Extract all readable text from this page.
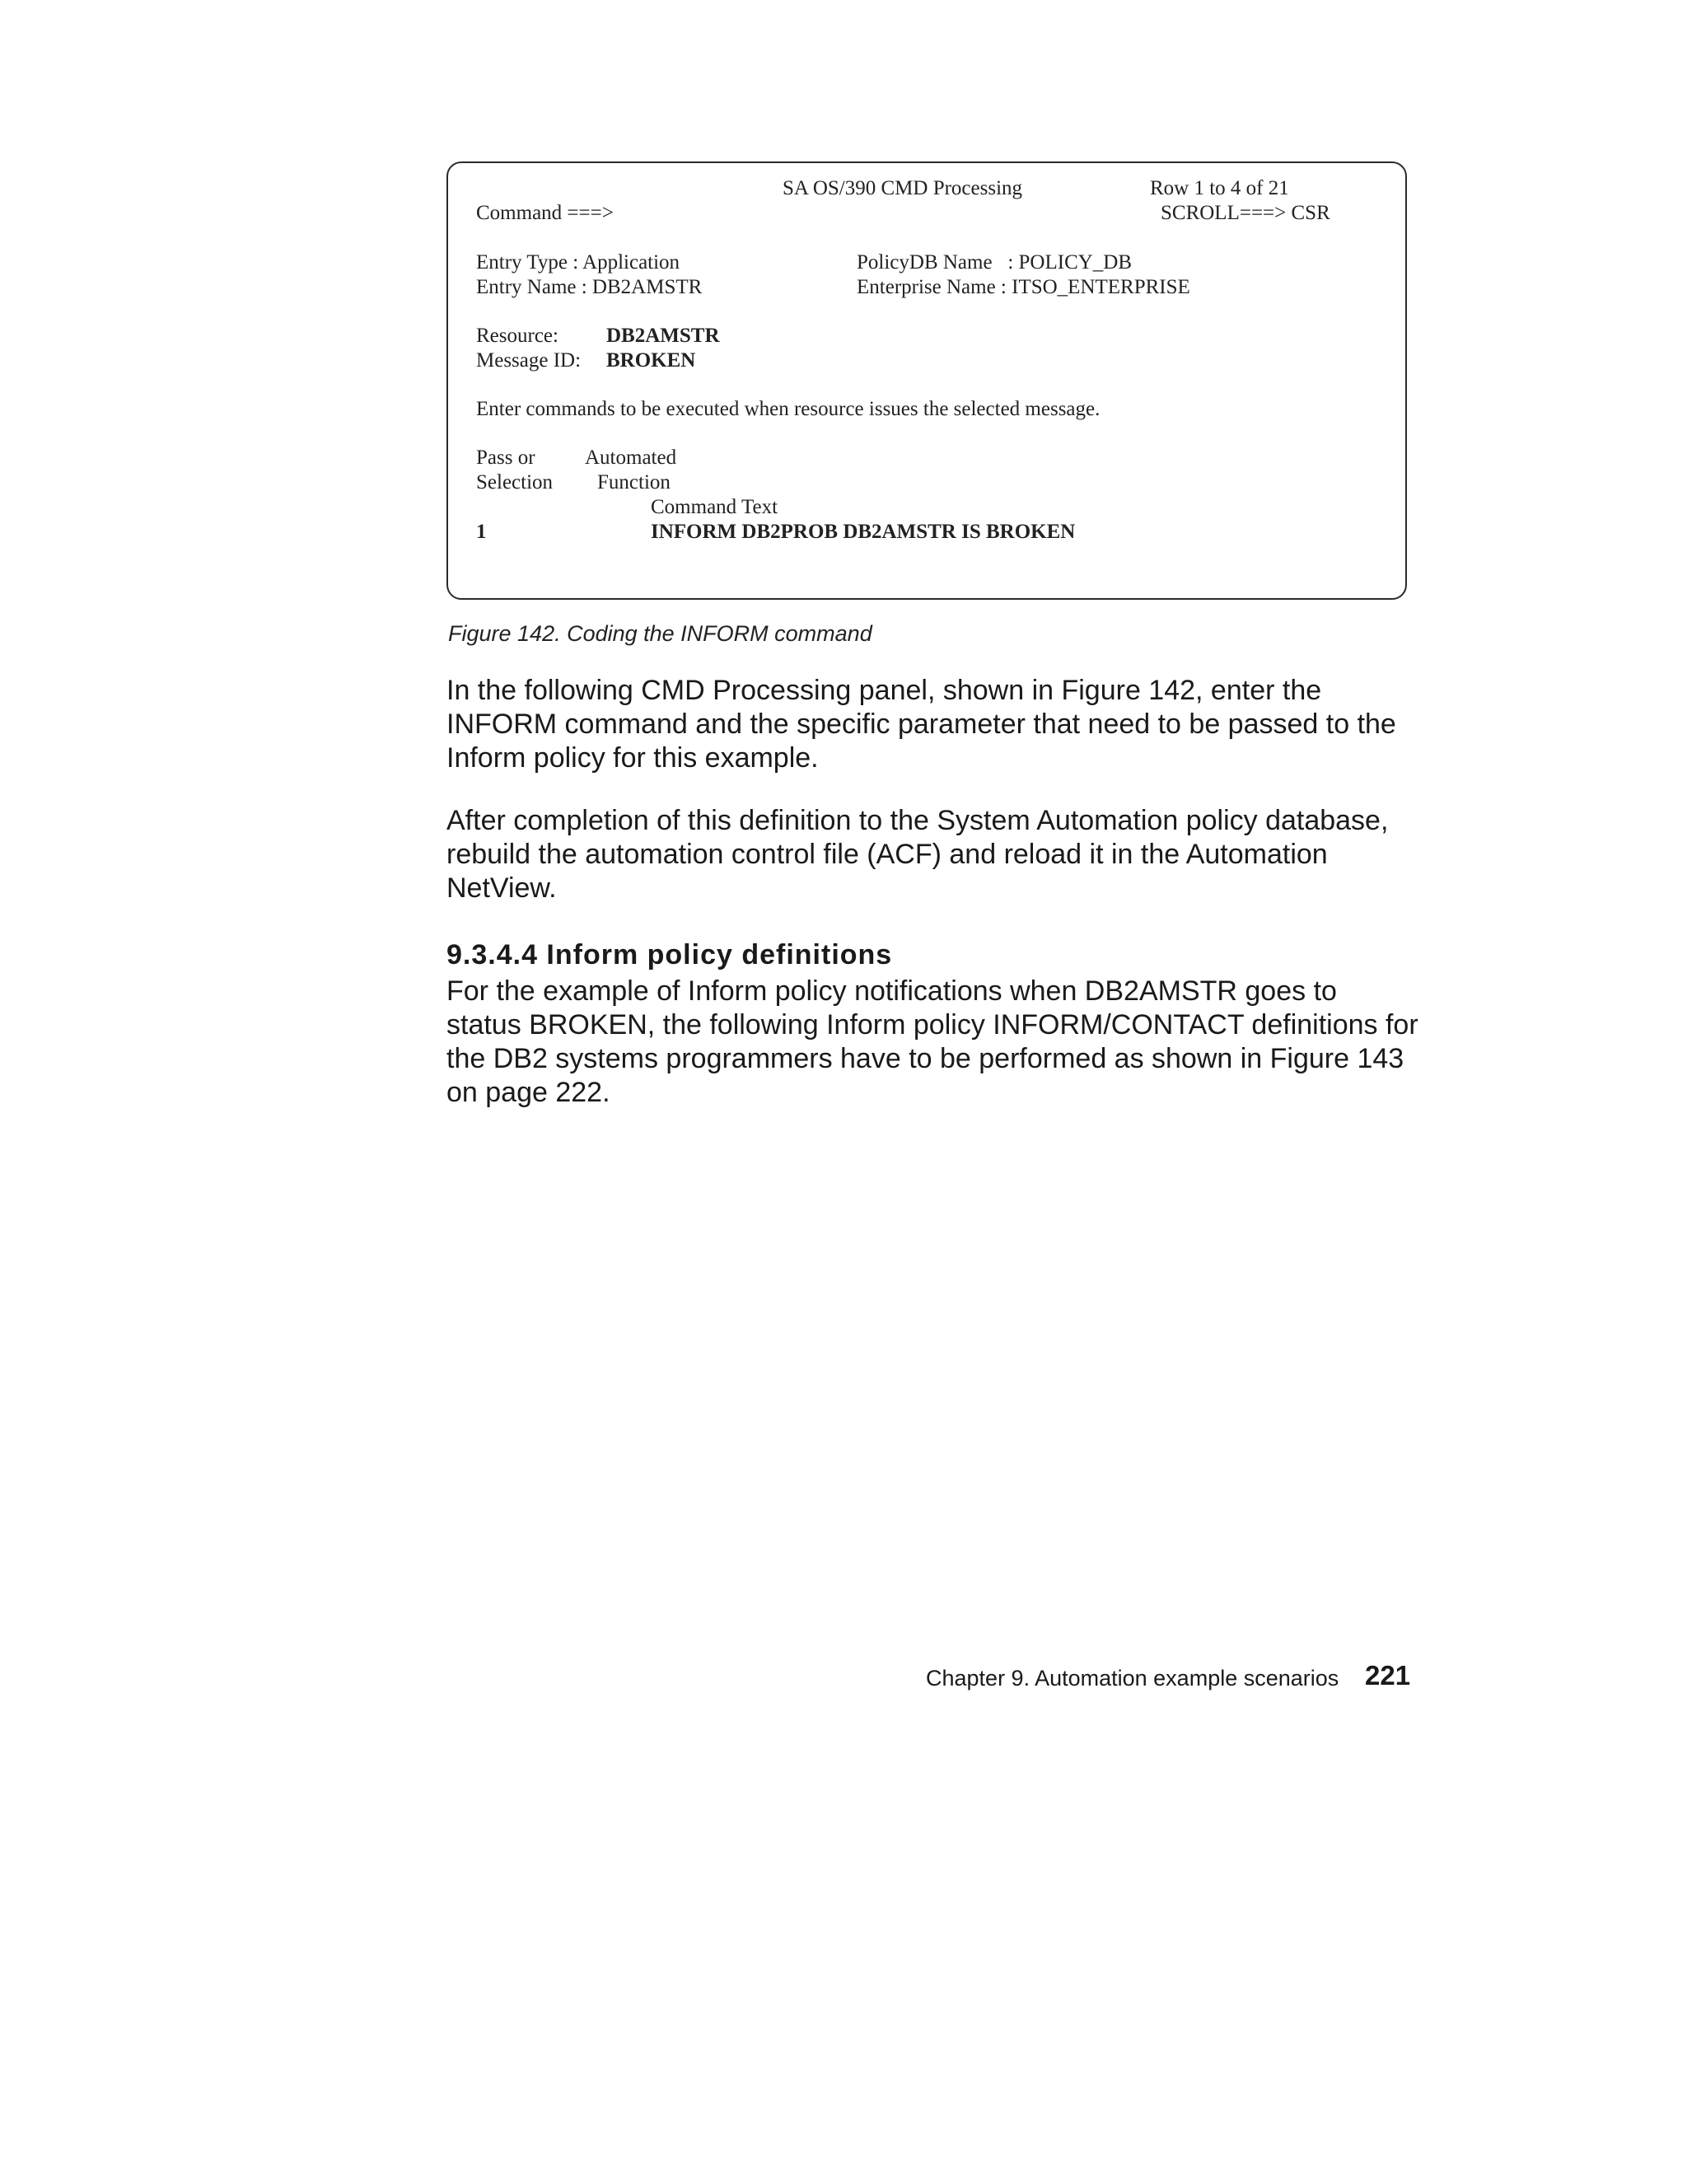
SA OS/390 CMD Processing	Row 1 to 4 of 21
Command ===>	SCROLL===> CSR
Entry Type : Application	PolicyDB Name   : POLICY_DB
Entry Name : DB2AMSTR	Enterprise Name : ITSO_ENTERPRISE
Resource: DB2AMSTR
Message ID: BROKEN
Enter commands to be executed when resource issues the selected message.
Pass or Automated
Selection Function
Command Text
1	INFORM DB2PROB DB2AMSTR IS BROKEN
Figure 142. Coding the INFORM command
In the following CMD Processing panel, shown in Figure 142, enter the INFORM command and the specific parameter that need to be passed to the Inform policy for this example.
After completion of this definition to the System Automation policy database, rebuild the automation control file (ACF) and reload it in the Automation NetView.
9.3.4.4 Inform policy definitions
For the example of Inform policy notifications when DB2AMSTR goes to status BROKEN, the following Inform policy INFORM/CONTACT definitions for the DB2 systems programmers have to be performed as shown in Figure 143 on page 222.
Chapter 9. Automation example scenarios 221
